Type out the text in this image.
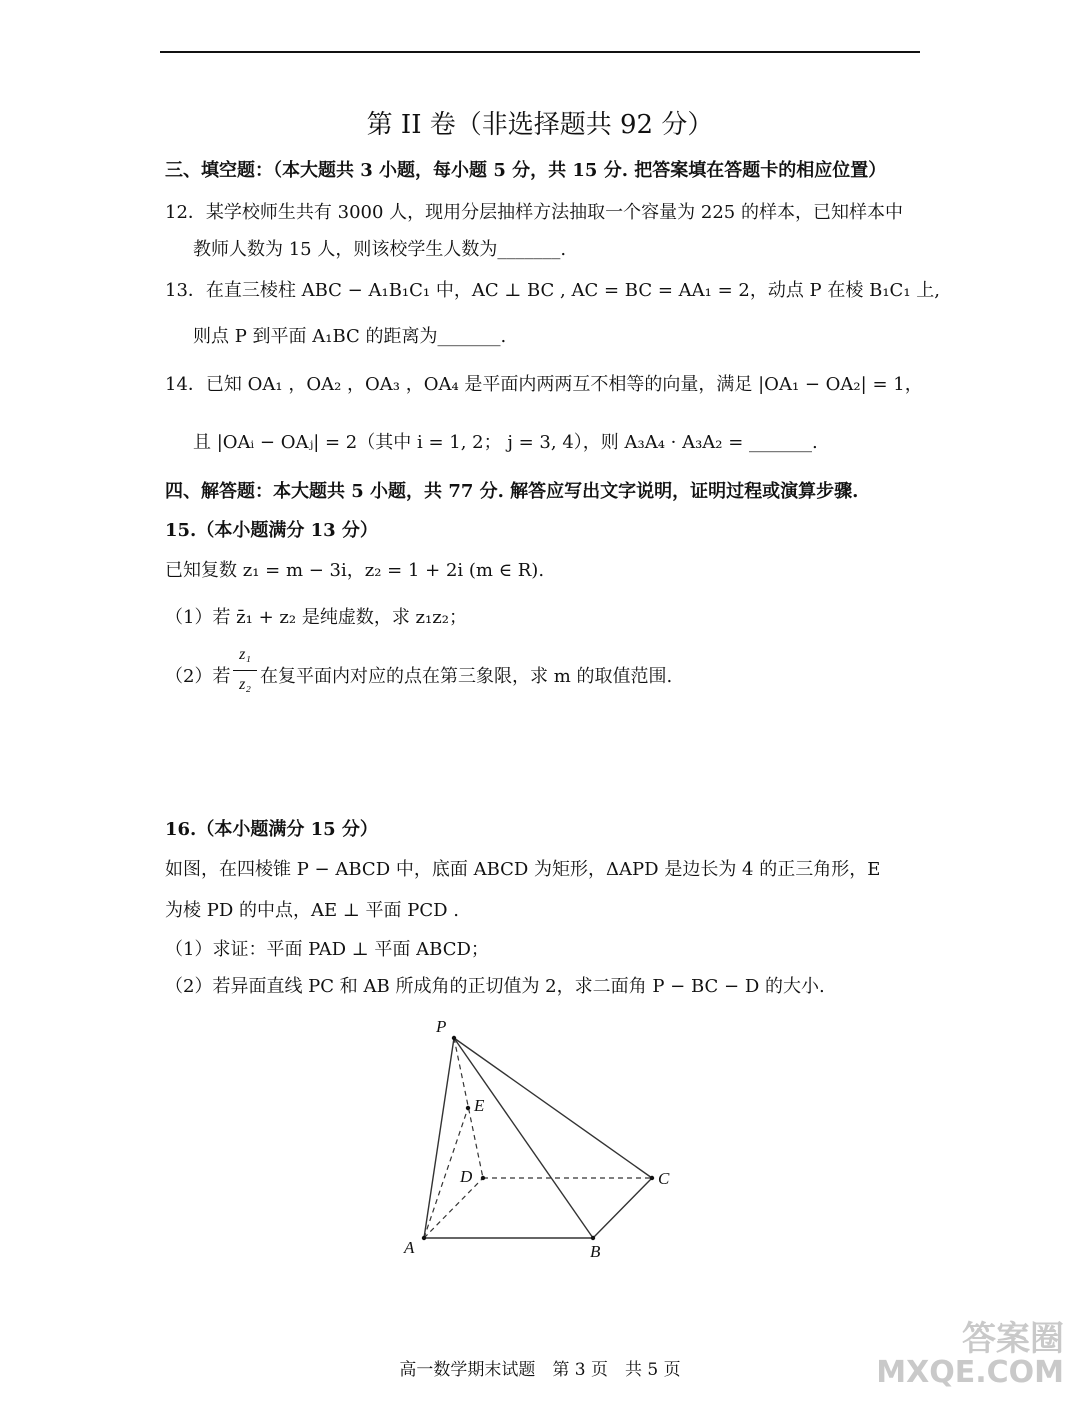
第 II 卷（非选择题共 92 分）
三、填空题：（本大题共 3 小题，每小题 5 分，共 15 分. 把答案填在答题卡的相应位置）
12．某学校师生共有 3000 人，现用分层抽样方法抽取一个容量为 225 的样本，已知样本中
教师人数为 15 人，则该校学生人数为_______.
13．在直三棱柱 ABC − A₁B₁C₁ 中，AC ⊥ BC , AC = BC = AA₁ = 2，动点 P 在棱 B₁C₁ 上,
则点 P 到平面 A₁BC 的距离为_______.
14．已知 OA₁ ，OA₂ ，OA₃ ，OA₄ 是平面内两两互不相等的向量，满足 |OA₁ − OA₂| = 1，
且 |OAᵢ − OAⱼ| = 2（其中 i = 1, 2； j = 3, 4），则 A₃A₄ · A₃A₂ = _______.
四、解答题：本大题共 5 小题，共 77 分. 解答应写出文字说明，证明过程或演算步骤.
15.（本小题满分 13 分）
已知复数 z₁ = m − 3i，z₂ = 1 + 2i (m ∈ R).
（1）若 z̄₁ + z₂ 是纯虚数，求 z₁z₂；
（2）若
z₁
z₂ 在复平面内对应的点在第三象限，求 m 的取值范围.
16.（本小题满分 15 分）
如图，在四棱锥 P − ABCD 中，底面 ABCD 为矩形，ΔAPD 是边长为 4 的正三角形，E
为棱 PD 的中点，AE ⊥ 平面 PCD .
（1）求证：平面 PAD ⊥ 平面 ABCD；
（2）若异面直线 PC 和 AB 所成角的正切值为 2，求二面角 P − BC − D 的大小.
P
E
D	C
A	B
高一数学期末试题　第 3 页　共 5 页
答案圈
MXQE.COM
